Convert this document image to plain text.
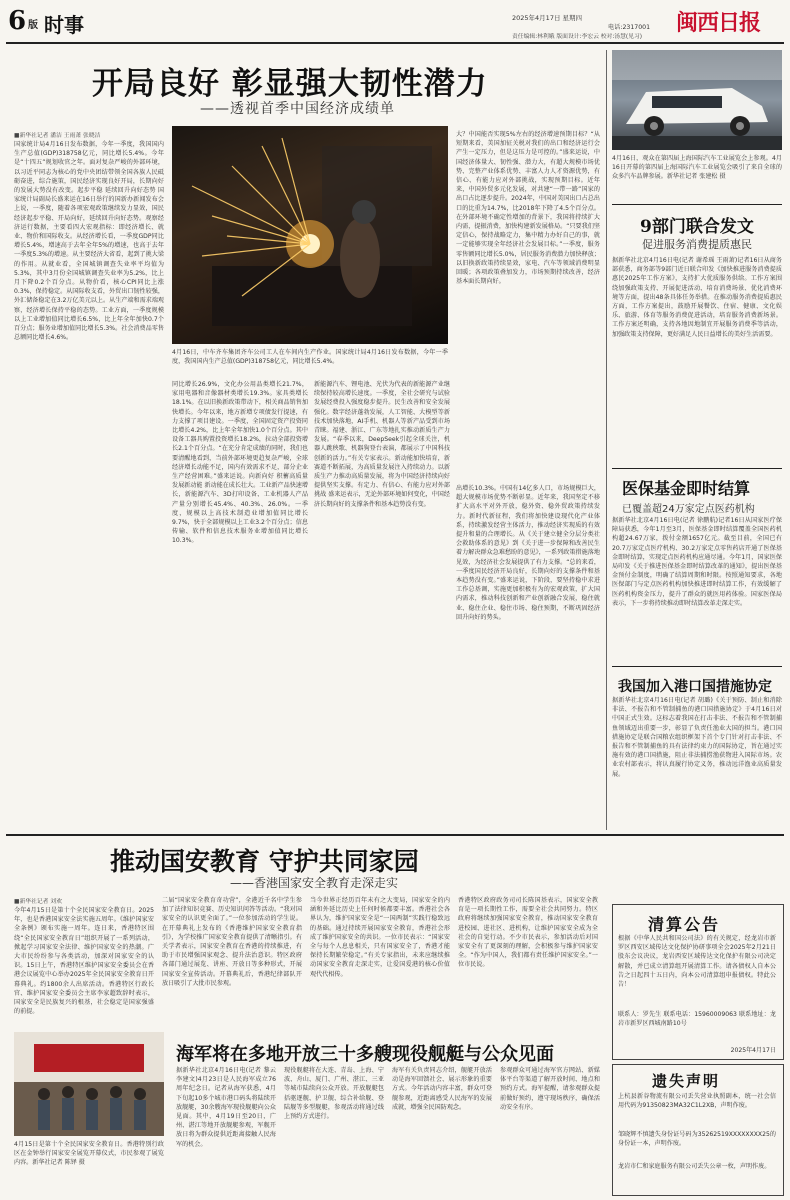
6 版 时事	2025年4月17日 星期四
电话:2317001
责任编辑:林利娥 版面设计:李宏云 校对:汤慧(见习)
闽西日报
开局良好 彰显强大韧性潜力
——透视首季中国经济成绩单
■新华社记者 潘洁 王雨萧 张晓洁

国家统计局4月16日发布数据，今年一季度，我国国内生产总值(GDP)318758亿元，同比增长5.4%。今年是“十四五”规划收官之年。面对复杂严峻的外部环境，以习近平同志为核心的党中央团结带领全国各族人民砥砺奋进，综合施策，国民经济实现良好开局，长期向好的发展大势没有改变。起步平稳 延续回升向好态势 国家统计局副局长盛来运在16日举行的国新办新闻发布会上说，一季度，随着各项宏观政策继续发力显效，国民经济起步平稳、开局向好，延续回升向好态势。观察经济运行数据，主要看四大宏观指标：即经济增长、就业、物价和国际收支。从经济增长看，一季度GDP同比增长5.4%，增速高于去年全年5%的增速，也高于去年一季度5.3%的增速。从主要经济大省看，起到了挑大梁的作用。从就业看，全国城镇调查失业率平均值为5.3%，其中3月份全国城镇调查失业率为5.2%，比上月下降0.2个百分点。从物价看，核心CPI同比上涨0.3%，保持稳定。从国际收支看，外贸出口韧性较强，外汇储备稳定在3.2万亿美元以上。从生产端和需求端观察，经济增长保持平稳的态势。工业方面，一季度规模以上工业增加值同比增长6.5%，比上年全年加快0.7个百分点；服务业增加值同比增长5.3%。社会消费品零售总额同比增长4.6%。

4月16日，中车齐车集团齐车公司工人在车间内生产作业。国家统计局4月16日发布数据，今年一季度，我国国内生产总值(GDP)318758亿元，同比增长5.4%。

同比增长26.9%，文化办公用品类增长21.7%，家用电器和音像器材类增长19.3%。家具类增长18.1%。在以旧换新政策带动下，相关商品销售加快增长。今年以来，地方新增专项债发行提速，有力支撑了项目建设。一季度，全国固定资产投资同比增长4.2%，比上年全年加快1.0个百分点。其中设备工器具购置投资增长18.2%，拉动全部投资增长2.1个百分点。“在充分肯定成绩的同时，我们也要清醒地看到，当前外部环境更趋复杂严峻，全球经济增长动能不足，国内有效需求不足，部分企业生产经营困难。”盛来运说。向新向好 积蓄高质量发展新动能 新动能在成长壮大。工业新产品快速增长，新能源汽车、3D打印设备、工业机器人产品产量分别增长45.4%、40.3%、26.0%。一季度，规模以上高技术制造业增加值同比增长9.7%，快于全部规模以上工业3.2个百分点；信息传输、软件和信息技术服务业增加值同比增长10.3%。

新能源汽车、锂电池、光伏为代表的新能源产业继续保持较高增长速度。一季度，全社会研究与试验发展经费投入强度稳步提升。民生改善和安全发展强化。数字经济蓬勃发展，人工智能、大模型等新技术加快落地，AI手机、机器人等新产品受到市场青睐。福建、浙江、广东等地扎实推动新质生产力发展。“春季以来，DeepSeek引起全球关注，机器人跳秧歌、机器狗登台表演，都展示了中国科技创新的活力。”有关专家表示。新动能加快培育，新赛道不断拓展，为高质量发展注入持续动力。以新质生产力推动高质量发展，将为中国经济持续向好提供坚实支撑。有定力、有信心、有能力应对外部挑战 盛来运表示，无论外部环境如何变化，中国经济长期向好的支撑条件和基本趋势没有变。

大？中国能否实现5%左右的经济增速预期目标？“从短期来看，美国加征关税对我们的出口和经济运行会产生一定压力，但是这压力是可控的。”盛来运说，中国经济体量大、韧性强、潜力大，有超大规模市场优势、完整产业体系优势、丰富人力人才资源优势，有信心、有能力应对外部挑战，实现预期目标。近年来，中国外贸多元化发展，对共建“一带一路”国家的出口占比逐步提升。2024年，中国对美国出口占总出口的比重为14.7%，比2018年下降了4.5个百分点。在外部环境不确定性增加的背景下，我国将持续扩大内需，提振消费，加快构建新发展格局。“只要我们坚定信心，保持战略定力，集中精力办好自己的事，就一定能够实现全年经济社会发展目标。”一季度，服务零售额同比增长5.0%，居民服务消费潜力加快释放；以旧换新政策持续显效，家电、汽车等领域消费明显回暖；各项政策叠加发力，市场预期持续改善，经济基本面长期向好。

出增长10.3%。中国有14亿多人口，市场规模巨大，超大规模市场优势不断彰显。近年来，我国坚定不移扩大高水平对外开放，稳外资、稳外贸政策持续发力。新时代新征程，我们将加快建设现代化产业体系，持续激发经营主体活力，推动经济实现质的有效提升和量的合理增长。从《关于建立健全分层分类社会救助体系的意见》到《关于进一步保障和改善民生 着力解决群众急难愁盼的意见》，一系列政策措施落地见效，为经济社会发展提供了有力支撑。“总的来看，一季度国民经济开局良好，长期向好的支撑条件和基本趋势没有变。”盛来运说，下阶段，要坚持稳中求进工作总基调，实施更加积极有为的宏观政策，扩大国内需求，推动科技创新和产业创新融合发展，稳住就业、稳住企业、稳住市场、稳住预期，不断巩固经济回升向好的势头。

4月16日，观众在第四届上海国际汽车工业展览会上参观。4月16日开幕的第四届上海国际汽车工业展览会吸引了来自全球的众多汽车品牌参展。新华社记者 张建松 摄
9部门联合发文
促进服务消费提质惠民

据新华社北京4月16日电(记者 谢希瑶 王雨萧)记者16日从商务部获悉，商务部等9部门近日联合印发《加快推进服务消费提质惠民2025年工作方案》，支持扩大优质服务供给。工作方案围绕加强政策支持、开展促进活动、培育消费场景、优化消费环境等方面，提出48条具体任务举措。在推动服务消费提质惠民方面，工作方案提出，鼓励开展餐饮、住宿、健康、文化娱乐、旅游、体育等服务消费促进活动，培育服务消费新场景。工作方案还明确，支持各地因地制宜开展服务消费季等活动，加强政策支持保障，更好满足人民日益增长的美好生活需要。

医保基金即时结算
已覆盖超24万家定点医药机构

据新华社北京4月16日电(记者 徐鹏航)记者16日从国家医疗保障局获悉，今年1月至3月，医保基金即时结算覆盖全国医药机构超24.67万家，拨付金额1657亿元。截至目前，全国已有20.7万家定点医疗机构、30.2万家定点零售药店开通了医保基金即时结算，实现定点医药机构应通尽通。今年1月，国家医保局印发《关于推进医保基金即时结算改革的通知》，提出医保基金预付金制度，明确了结算周期和时限。按照通知要求，各地医保部门与定点医药机构加快推进即时结算工作，有效缓解了医药机构资金压力，提升了群众的就医用药体验。国家医保局表示，下一步将持续推动即时结算改革走深走实。

我国加入港口国措施协定

据新华社北京4月16日电(记者 胡璐)《关于预防、制止和消除非法、不报告和不管制捕鱼的港口国措施协定》于4月16日对中国正式生效。这标志着我国在打击非法、不报告和不管制捕鱼领域迈出重要一步，彰显了负责任渔业大国的担当。港口国措施协定是联合国粮农组织框架下首个专门针对打击非法、不报告和不管制捕鱼的具有法律约束力的国际协定，旨在通过实施有效的港口国措施，阻止非法捕捞渔获物进入国际市场。农业农村部表示，将认真履行协定义务，推动远洋渔业高质量发展。

推动国安教育 守护共同家园
——香港国家安全教育走深走实
■新华社记者 刘欢

今年4月15日是第十个全民国家安全教育日。2025年，也是香港国家安全法实施五周年。《维护国家安全条例》颁布实施一周年。连日来，香港特区围绕“全民国家安全教育日”组织开展了一系列活动，掀起学习国家安全法律、维护国家安全的热潮。广大市民纷纷参与各类活动，加深对国家安全的认识。15日上午，香港特区维护国家安全委员会在香港会议展览中心举办2025年全民国家安全教育日开幕典礼。约1800余人出席活动。香港特区行政长官、维护国家安全委员会主席李家超致辞时表示，国家安全是民族复兴的根基，社会稳定是国家强盛的前提。

二届“国家安全教育奇功营”，全港近千名中学生参加了法律知识竞赛、历史知识问答等活动。“我对国家安全的认识更全面了。”一位参加活动的学生说。在开幕典礼上发布的《香港维护国家安全教育指引》，为学校推广国家安全教育提供了清晰指引。有关学者表示，国家安全教育在香港的持续推进，有助于市民增强国家观念、提升法治意识。特区政府各部门通过展览、讲座、开放日等多种形式，开展国家安全宣传活动。开幕典礼后，香港纪律部队开放日吸引了大批市民参观。

当今世界正经历百年未有之大变局，国家安全的内涵和外延比历史上任何时候都要丰富。香港社会各界认为，维护国家安全是“一国两制”实践行稳致远的基础。通过持续开展国家安全教育，香港社会形成了维护国家安全的共识。一位市民表示：“国家安全与每个人息息相关，只有国家安全了，香港才能保持长期繁荣稳定。”有关专家指出，未来应继续推动国家安全教育走深走实，让爱国爱港的核心价值观代代相传。

香港特区政府政务司司长陈国基表示，国家安全教育是一项长期性工作，需要全社会共同努力。特区政府将继续加强国家安全教育，推动国家安全教育进校园、进社区、进机构，让维护国家安全成为全社会的自觉行动。不少市民表示，参加活动后对国家安全有了更深刻的理解，会积极参与维护国家安全。“作为中国人，我们都有责任维护国家安全。”一位市民说。

4月15日是第十个全民国家安全教育日。香港特别行政区在金钟举行国家安全展览开幕仪式，市民参观了展览内容。新华社记者 陈铎 摄
海军将在多地开放三十多艘现役舰艇与公众见面

据新华社北京4月16日电(记者 黎云 李建文)4月23日是人民海军成立76周年纪念日。记者从海军获悉，4月下旬起10多个城市港口码头将陆续开放舰艇，30余艘海军现役舰艇向公众见面。其中，4月19日至20日，广州、湛江等地开放舰艇参观，军舰开放日将为群众提供近距离接触人民海军的机会。

现役舰艇将在大连、青岛、上海、宁波、舟山、厦门、广州、湛江、三亚等城市陆续向公众开放。开放舰艇包括驱逐舰、护卫舰、综合补给舰、登陆舰等多型舰艇，参观活动将通过线上预约方式进行。

海军有关负责同志介绍，舰艇开放活动是海军回馈社会、展示形象的重要方式。今年活动内容丰富，群众可登舰参观，近距离感受人民海军的发展成就，增强全民国防观念。

参观群众可通过海军官方网站、新媒体平台等渠道了解开放时间、地点和预约方式。海军提醒，请参观群众提前做好预约，遵守现场秩序，确保活动安全有序。

清算公告

根据《中华人民共和国公司法》的有关规定，经龙岩市新罗区西安区域传达文化保护协研事项全会2025年2月21日股东会议决议，龙岩西安区域传达文化保护有限公司决定解散，并已成立清算组开展清算工作。请各债权人自本公告之日起四十五日内，向本公司清算组申报债权。特此公告！

联系人：罗先生 联系电话：15960009063 联系地址：龙岩市新罗区西城南路10号

2025年4月17日
遗失声明

上杭县新谷物流有限公司丢失营业执照副本，统一社会信用代码为91350823MA32C1L2XB，声明作废。

邹晓辉不慎遗失身份证号码为35262519XXXXXXXX25的身份证一本，声明作废。

龙岩市仁和家庭服务有限公司丢失公章一枚，声明作废。
